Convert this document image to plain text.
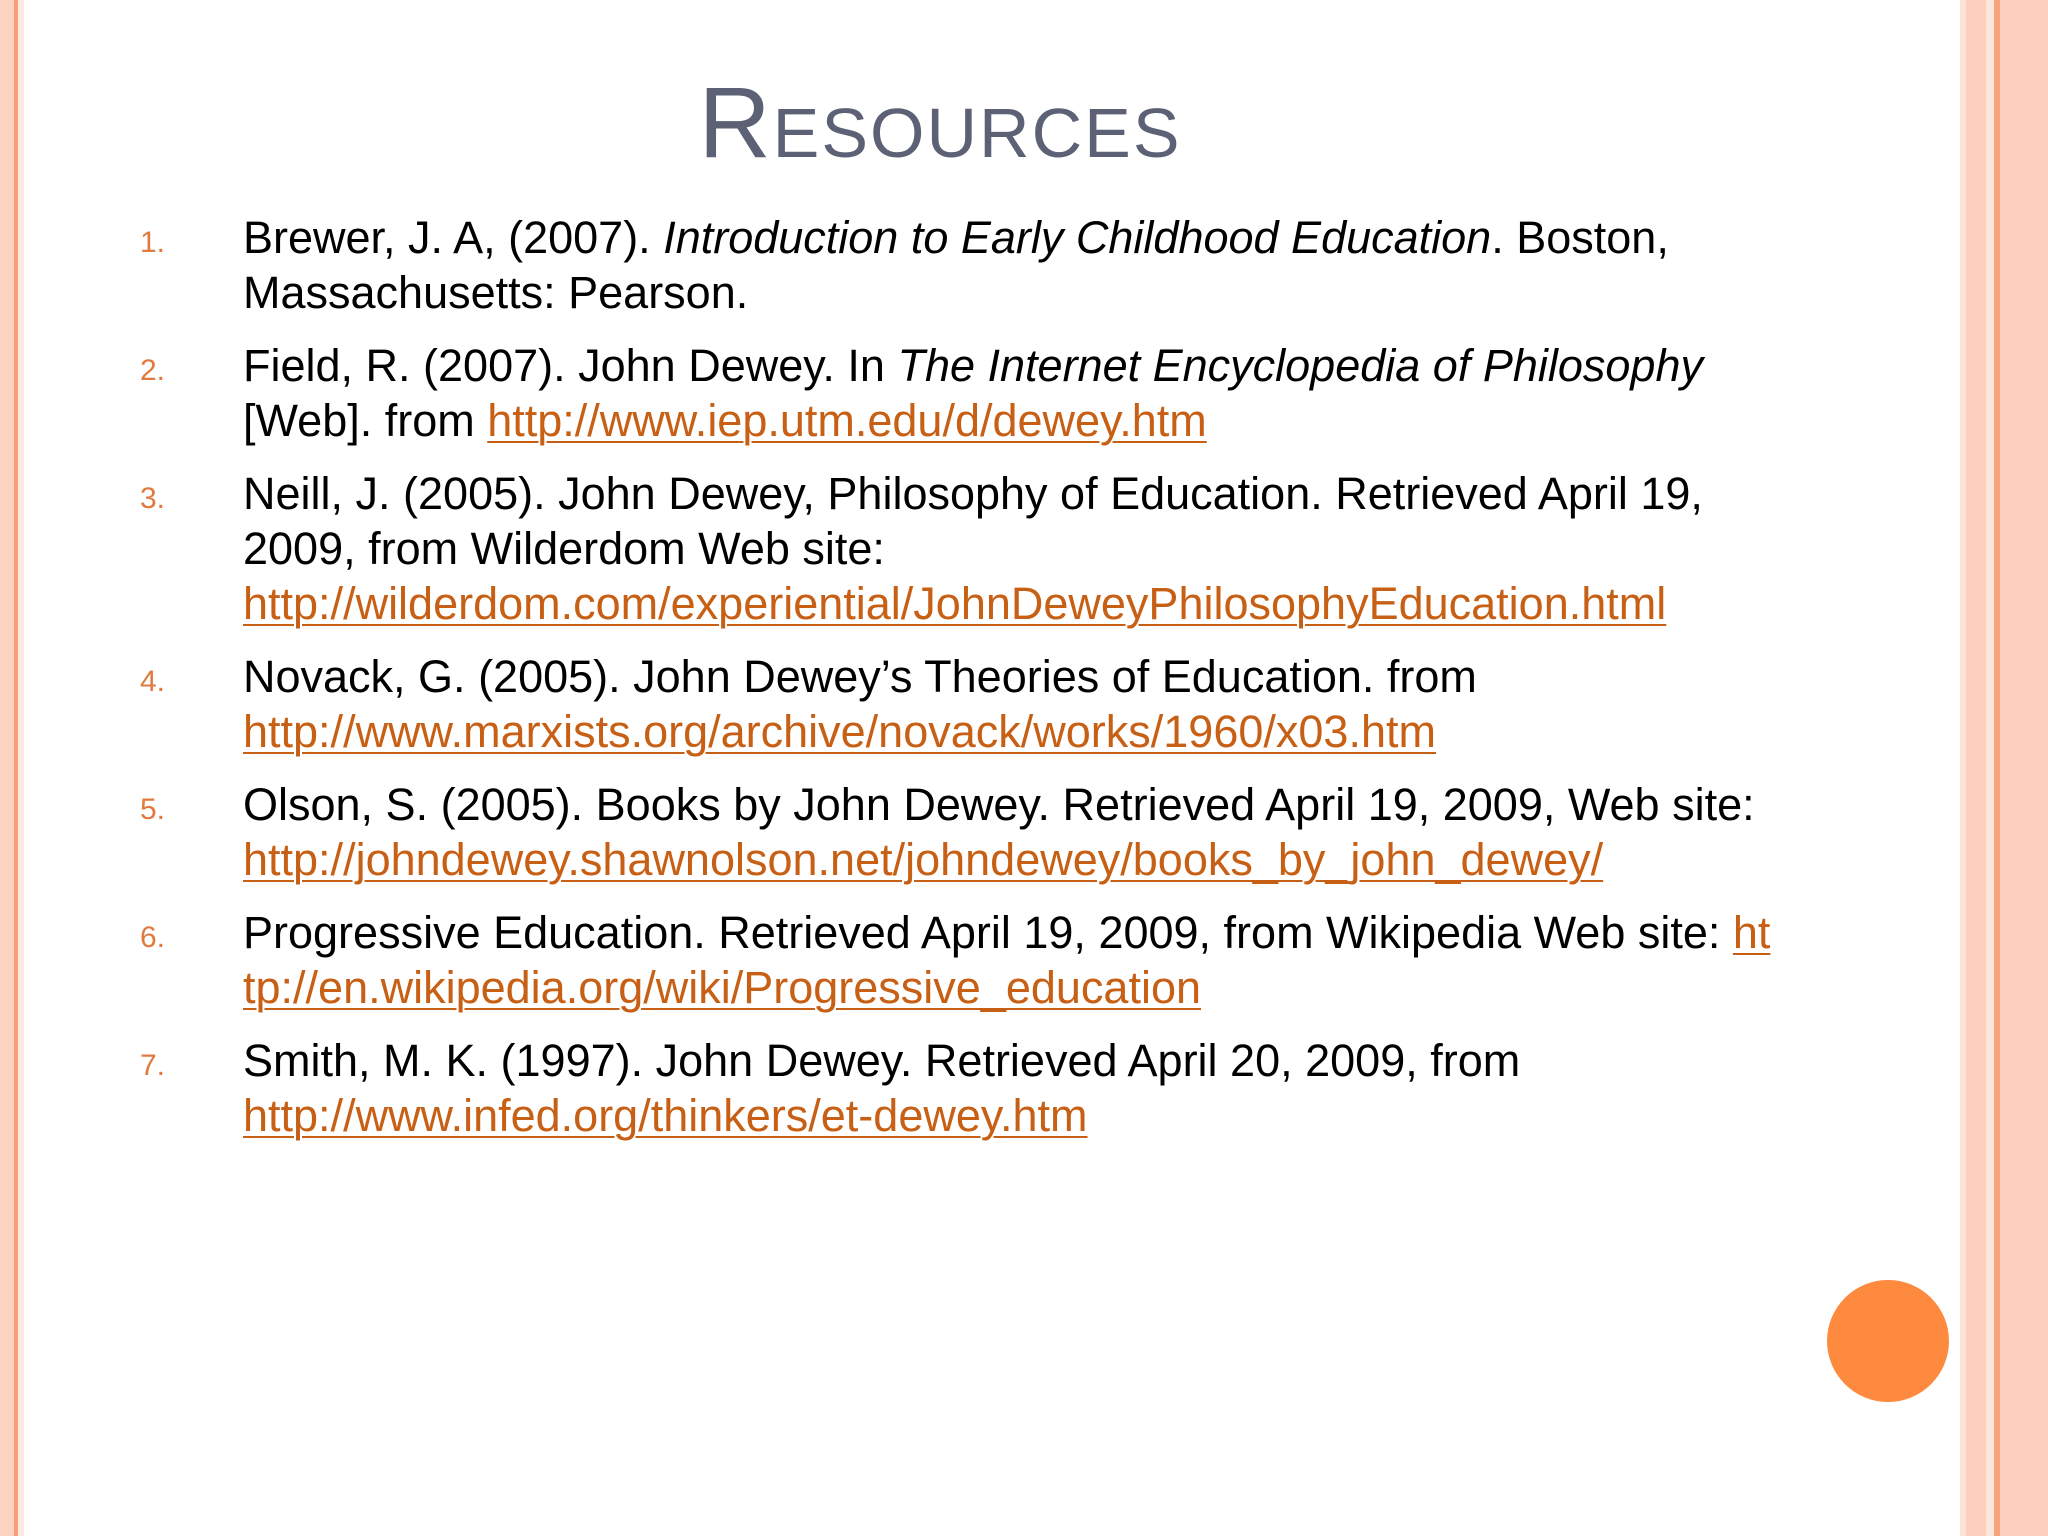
Resources
1. Brewer, J. A, (2007). Introduction to Early Childhood Education. Boston, Massachusetts: Pearson.
2. Field, R. (2007). John Dewey. In The Internet Encyclopedia of Philosophy [Web]. from http://www.iep.utm.edu/d/dewey.htm
3. Neill, J. (2005). John Dewey, Philosophy of Education. Retrieved April 19, 2009, from Wilderdom Web site:
http://wilderdom.com/experiential/JohnDeweyPhilosophyEducation.html
4. Novack, G. (2005). John Dewey’s Theories of Education. from
http://www.marxists.org/archive/novack/works/1960/x03.htm
5. Olson, S. (2005). Books by John Dewey. Retrieved April 19, 2009, Web site:
http://johndewey.shawnolson.net/johndewey/books_by_john_dewey/
6. Progressive Education. Retrieved April 19, 2009, from Wikipedia Web site: http://en.wikipedia.org/wiki/Progressive_education
7. Smith, M. K. (1997). John Dewey. Retrieved April 20, 2009, from
http://www.infed.org/thinkers/et-dewey.htm
